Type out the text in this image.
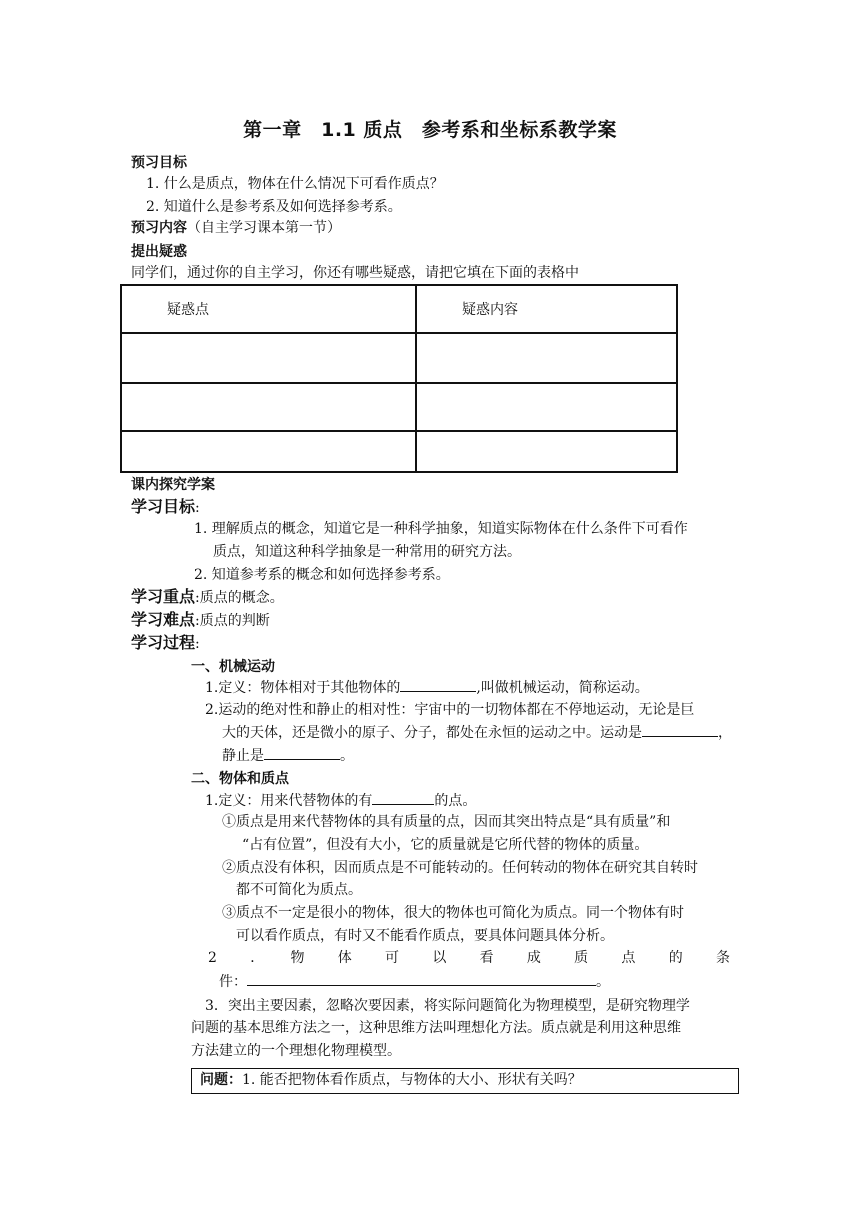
第一章　1.1 质点　参考系和坐标系教学案
预习目标
1. 什么是质点，物体在什么情况下可看作质点？
2. 知道什么是参考系及如何选择参考系。
预习内容（自主学习课本第一节）
提出疑惑
同学们，通过你的自主学习，你还有哪些疑惑，请把它填在下面的表格中
疑惑点	疑惑内容

课内探究学案
学习目标:
1. 理解质点的概念，知道它是一种科学抽象，知道实际物体在什么条件下可看作
质点，知道这种科学抽象是一种常用的研究方法。
2. 知道参考系的概念和如何选择参考系。
学习重点:质点的概念。
学习难点:质点的判断
学习过程:
一、机械运动
1.定义：物体相对于其他物体的	,叫做机械运动，简称运动。
2.运动的绝对性和静止的相对性：宇宙中的一切物体都在不停地运动，无论是巨
大的天体，还是微小的原子、分子，都处在永恒的运动之中。运动是	，
静止是	。
二、物体和质点
1.定义：用来代替物体的有	的点。
①质点是用来代替物体的具有质量的点，因而其突出特点是“具有质量”和
“占有位置”，但没有大小，它的质量就是它所代替的物体的质量。
②质点没有体积，因而质点是不可能转动的。任何转动的物体在研究其自转时
都不可简化为质点。
③质点不一定是很小的物体，很大的物体也可简化为质点。同一个物体有时
可以看作质点，有时又不能看作质点，要具体问题具体分析。
2　．　物　体　可　以　看　成　质　点　的　条
件：	。
3．突出主要因素，忽略次要因素，将实际问题简化为物理模型，是研究物理学
问题的基本思维方法之一，这种思维方法叫理想化方法。质点就是利用这种思维
方法建立的一个理想化物理模型。
问题：1. 能否把物体看作质点，与物体的大小、形状有关吗？
